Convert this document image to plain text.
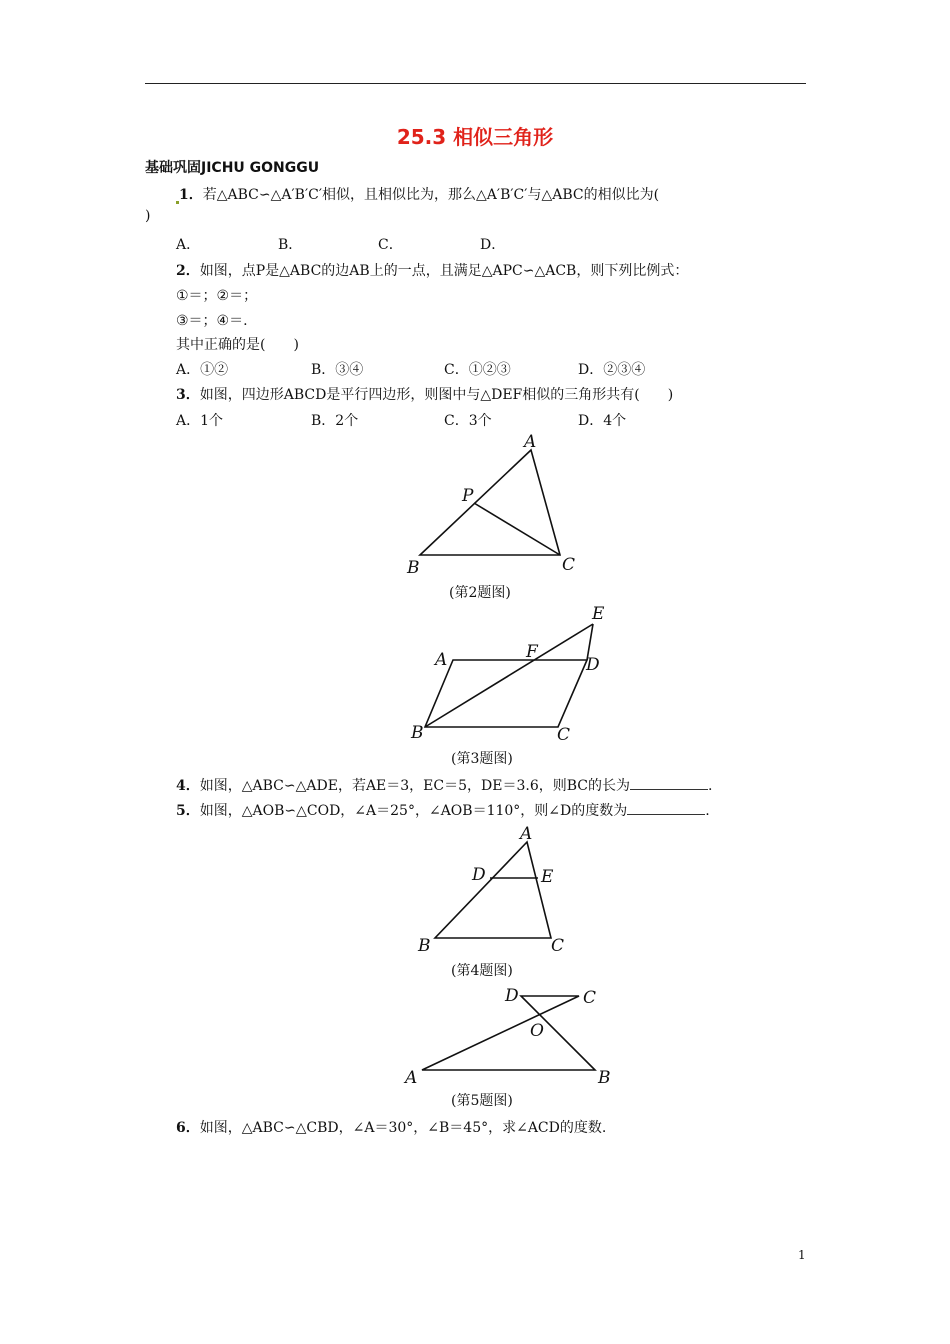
25.3 相似三角形
基础巩固JICHU GONGGU
1．若△ABC∽△A′B′C′相似，且相似比为，那么△A′B′C′与△ABC的相似比为(
)
A．	B．	C．	D．
2．如图，点P是△ABC的边AB上的一点，且满足△APC∽△ACB，则下列比例式：
①＝；②＝；
③＝；④＝.
其中正确的是(　　)
A．①②	B．③④	C．①②③	D．②③④
3．如图，四边形ABCD是平行四边形，则图中与△DEF相似的三角形共有(　　)
A．1个	B．2个	C．3个	D．4个
A
P
B	C
(第2题图)
E
A	F
D
B	C
(第3题图)
4．如图，△ABC∽△ADE，若AE＝3，EC＝5，DE＝3.6，则BC的长为	.
5．如图，△AOB∽△COD，∠A＝25°，∠AOB＝110°，则∠D的度数为	.
A
D	E
B	C
(第4题图)
D	C
O
A	B
(第5题图)
6．如图，△ABC∽△CBD，∠A＝30°，∠B＝45°，求∠ACD的度数.
1
